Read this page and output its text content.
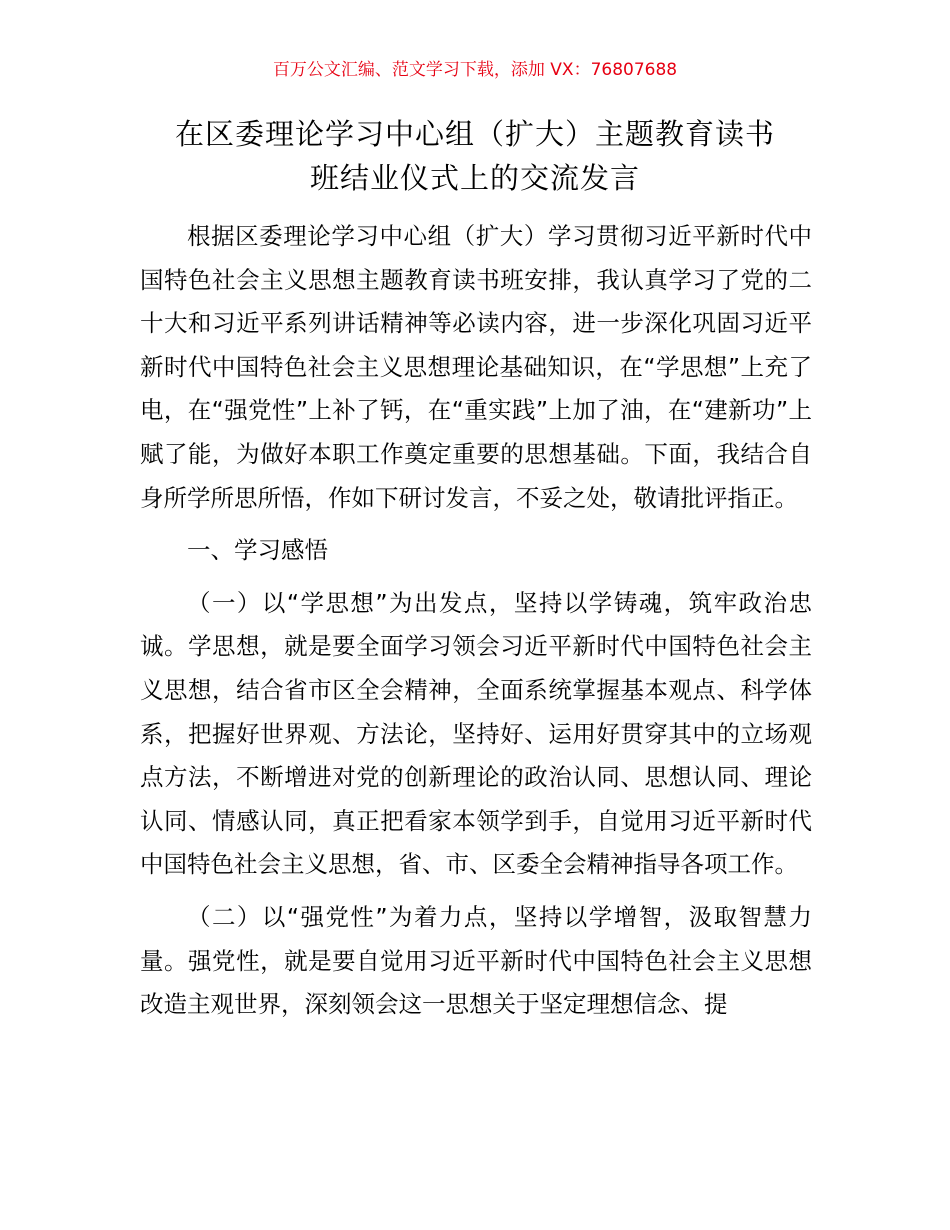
百万公文汇编、范文学习下载，添加 VX：76807688
在区委理论学习中心组（扩大）主题教育读书
班结业仪式上的交流发言

根据区委理论学习中心组（扩大）学习贯彻习近平新时代中国特色社会主义思想主题教育读书班安排，我认真学习了党的二十大和习近平系列讲话精神等必读内容，进一步深化巩固习近平新时代中国特色社会主义思想理论基础知识，在“学思想”上充了电，在“强党性”上补了钙，在“重实践”上加了油，在“建新功”上赋了能，为做好本职工作奠定重要的思想基础。下面，我结合自身所学所思所悟，作如下研讨发言，不妥之处，敬请批评指正。

一、学习感悟

（一）以“学思想”为出发点，坚持以学铸魂，筑牢政治忠诚。学思想，就是要全面学习领会习近平新时代中国特色社会主义思想，结合省市区全会精神，全面系统掌握基本观点、科学体系，把握好世界观、方法论，坚持好、运用好贯穿其中的立场观点方法，不断增进对党的创新理论的政治认同、思想认同、理论认同、情感认同，真正把看家本领学到手，自觉用习近平新时代中国特色社会主义思想，省、市、区委全会精神指导各项工作。

（二）以“强党性”为着力点，坚持以学增智，汲取智慧力量。强党性，就是要自觉用习近平新时代中国特色社会主义思想改造主观世界，深刻领会这一思想关于坚定理想信念、提
